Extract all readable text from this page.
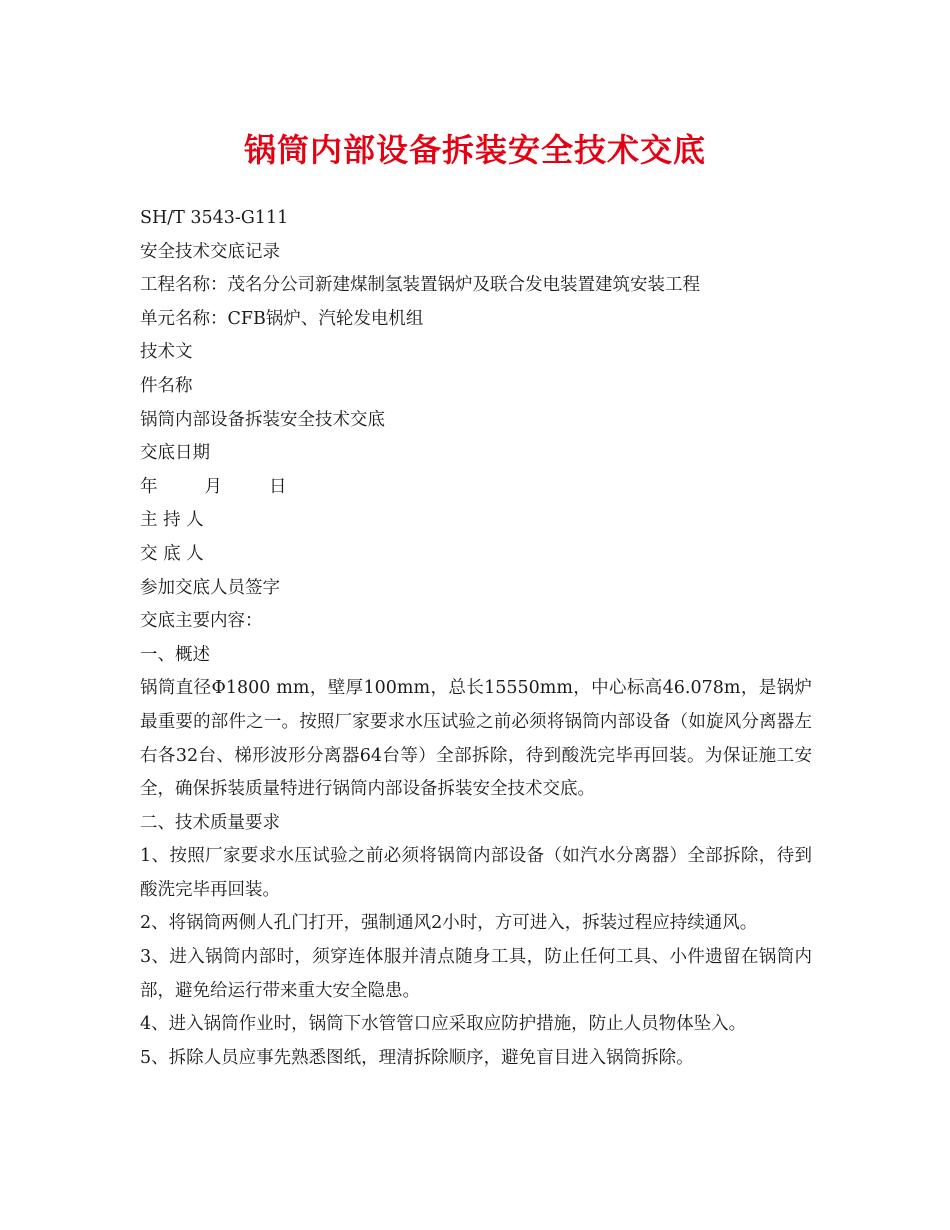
锅筒内部设备拆装安全技术交底
SH/T 3543-G111
安全技术交底记录
工程名称：茂名分公司新建煤制氢装置锅炉及联合发电装置建筑安装工程
单元名称：CFB锅炉、汽轮发电机组
技术文
件名称
锅筒内部设备拆装安全技术交底
交底日期
年	月	日
主 持 人
交 底 人
参加交底人员签字
交底主要内容：
一、概述
锅筒直径Φ1800 mm，壁厚100mm，总长15550mm，中心标高46.078m，是锅炉最重要的部件之一。按照厂家要求水压试验之前必须将锅筒内部设备（如旋风分离器左右各32台、梯形波形分离器64台等）全部拆除，待到酸洗完毕再回装。为保证施工安全，确保拆装质量特进行锅筒内部设备拆装安全技术交底。
二、技术质量要求
1、按照厂家要求水压试验之前必须将锅筒内部设备（如汽水分离器）全部拆除，待到酸洗完毕再回装。
2、将锅筒两侧人孔门打开，强制通风2小时，方可进入，拆装过程应持续通风。
3、进入锅筒内部时，须穿连体服并清点随身工具，防止任何工具、小件遗留在锅筒内部，避免给运行带来重大安全隐患。
4、进入锅筒作业时，锅筒下水管管口应采取应防护措施，防止人员物体坠入。
5、拆除人员应事先熟悉图纸，理清拆除顺序，避免盲目进入锅筒拆除。
